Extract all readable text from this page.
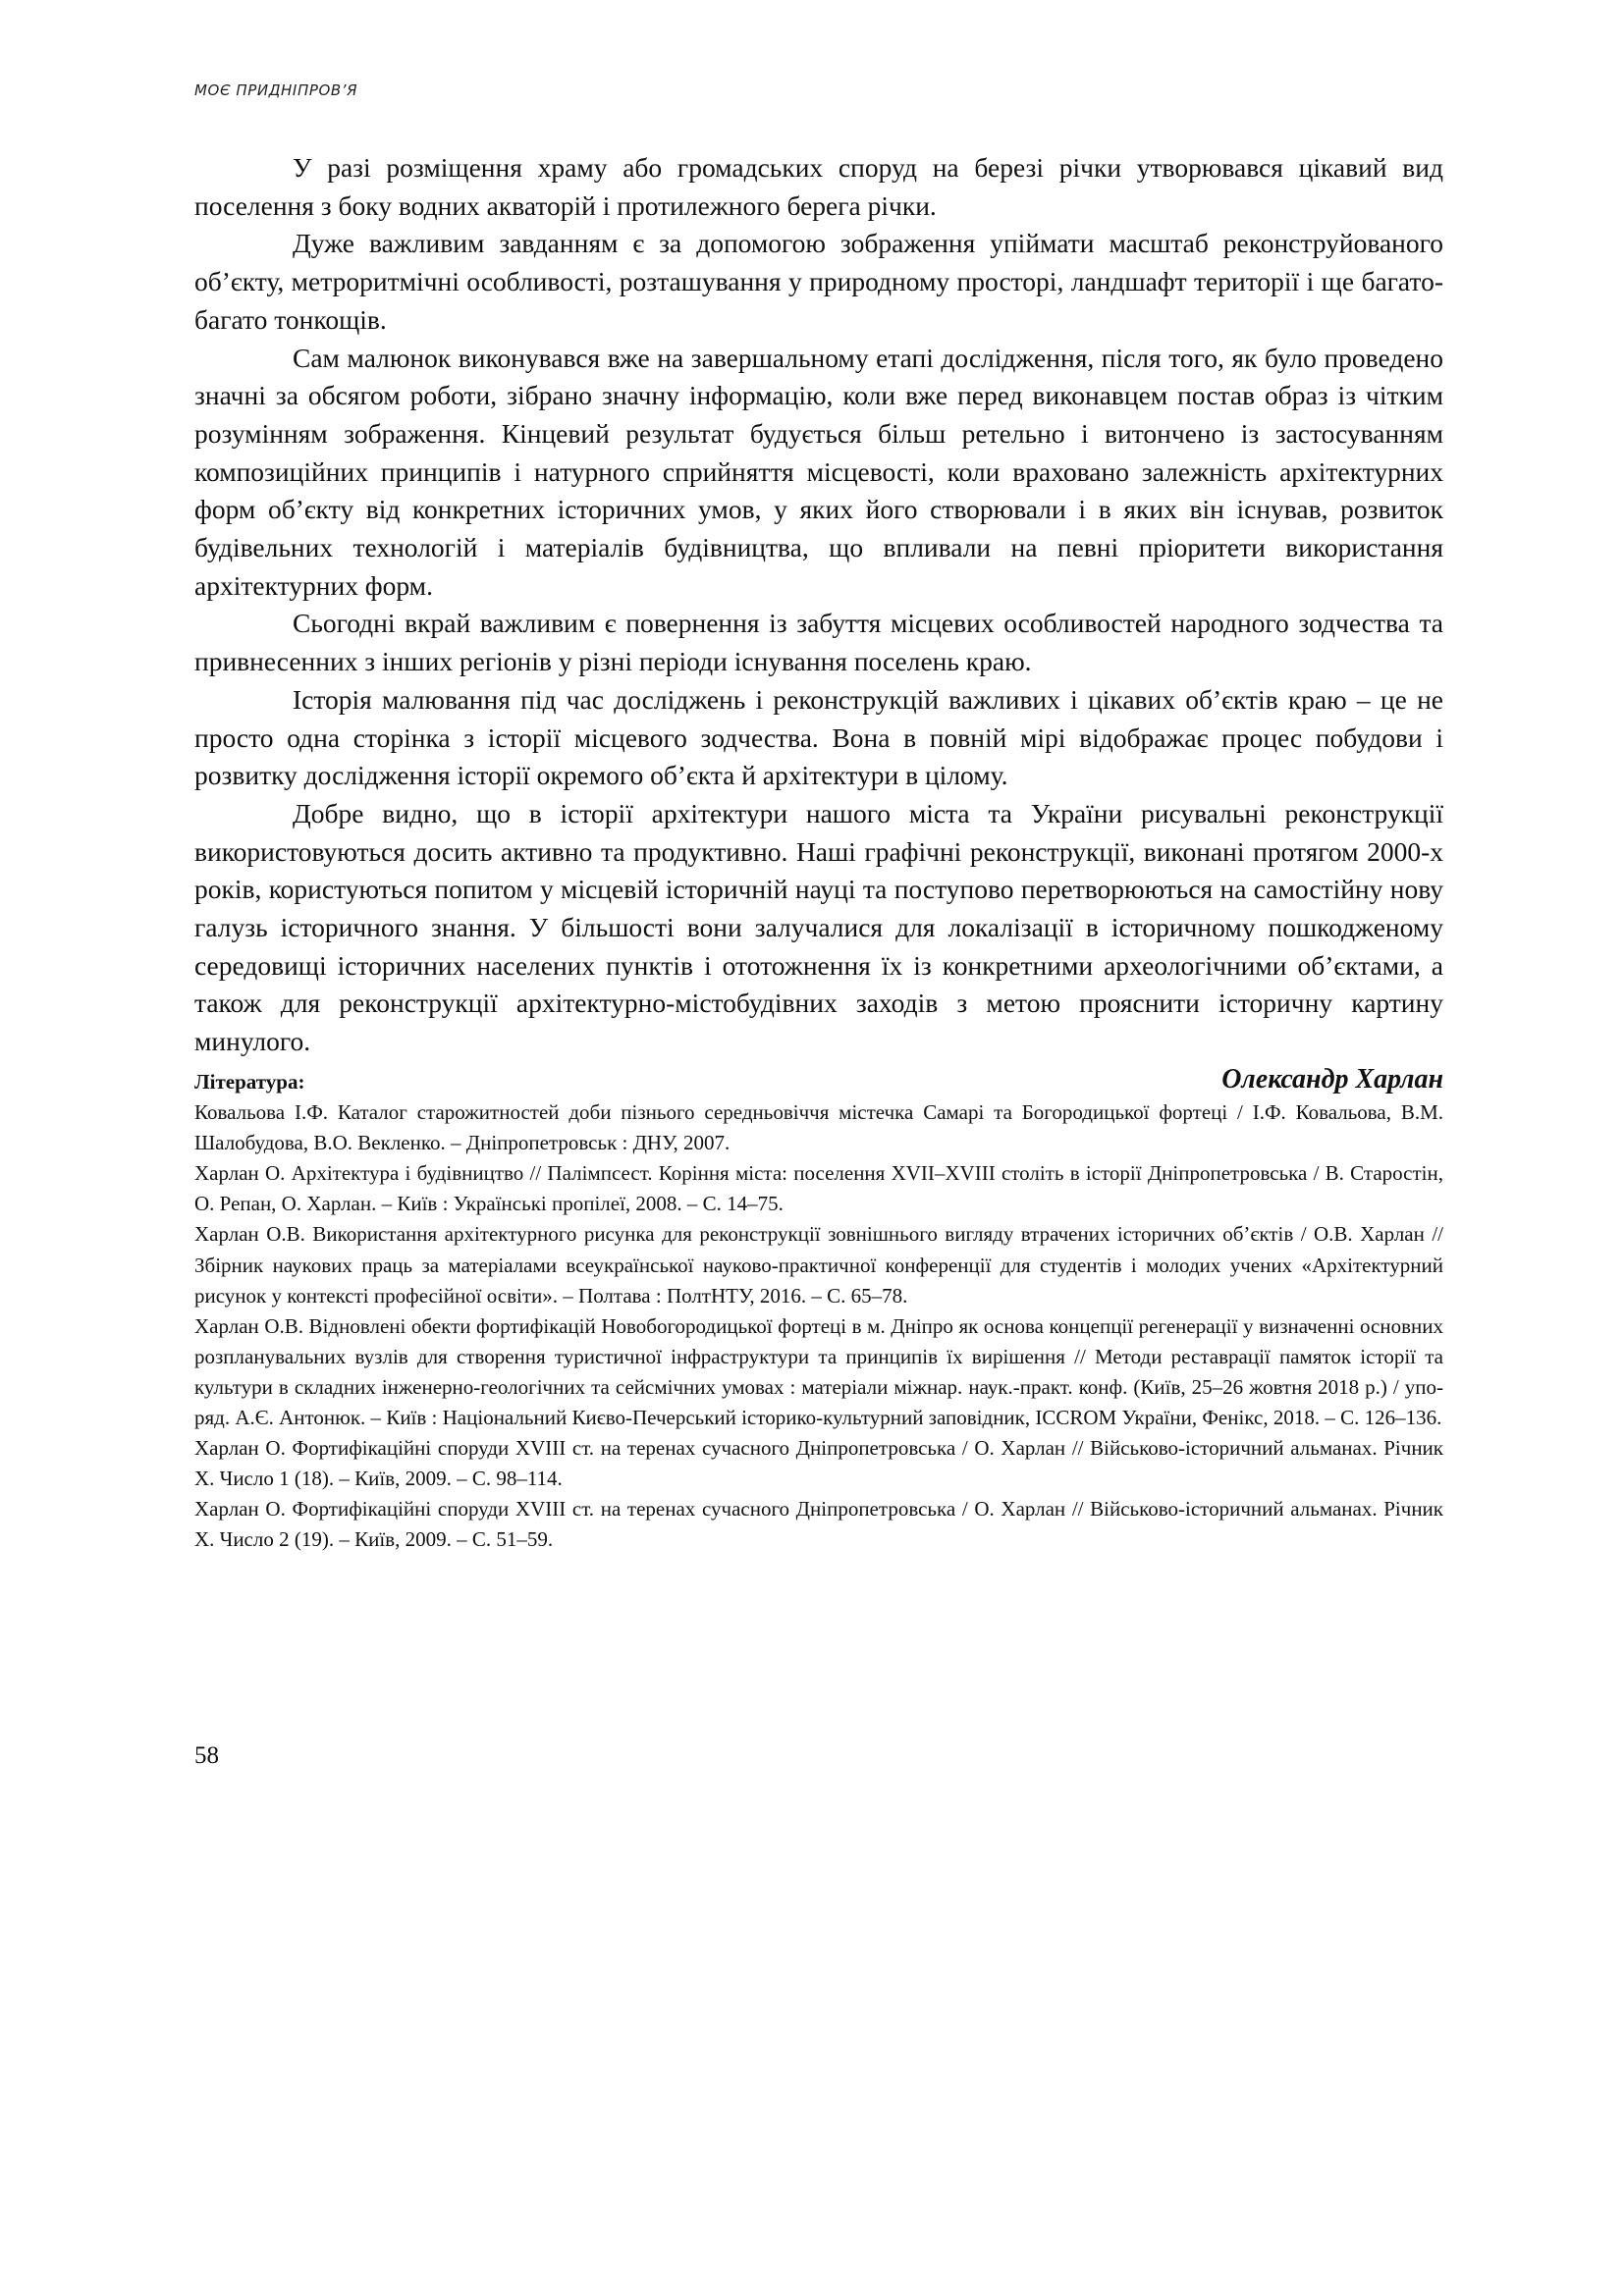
МОЄ ПРИДНІПРОВ’Я

У разі розміщення храму або громадських споруд на березі річки утворювався цікавий вид поселення з боку водних акваторій і протилежного берега річки.

Дуже важливим завданням є за допомогою зображення упіймати масштаб реконструйованого об’єкту, метроритмічні особливості, розташування у природному просторі, ландшафт території і ще багато-багато тонкощів.

Сам малюнок виконувався вже на завершальному етапі дослідження, після того, як було проведено значні за обсягом роботи, зібрано значну інформацію, коли вже перед виконавцем постав образ із чітким розумінням зображення. Кінцевий результат будується більш ретельно і витончено із застосуванням композиційних принципів і натурного сприйняття місцевості, коли враховано залежність архітектурних форм об’єкту від конкретних історичних умов, у яких його створювали і в яких він існував, розвиток будівельних технологій і матеріалів будівництва, що впливали на певні пріоритети використання архітектурних форм.

Сьогодні вкрай важливим є повернення із забуття місцевих особливостей народного зодчества та привнесенних з інших регіонів у різні періоди існування поселень краю.

Історія малювання під час досліджень і реконструкцій важливих і цікавих об’єктів краю – це не просто одна сторінка з історії місцевого зодчества. Вона в повній мірі відображає процес побудови і розвитку дослідження історії окремого об’єкта й архітектури в цілому.

Добре видно, що в історії архітектури нашого міста та України рисувальні реконструкції використовуються досить активно та продуктивно. Наші графічні реконструкції, виконані протягом 2000-х років, користуються попитом у місцевій історичній науці та поступово перетворюються на самостійну нову галузь історичного знання. У більшості вони залучалися для локалізації в історичному пошкодженому середовищі історичних населених пунктів і ототожнення їх із конкретними археологічними об’єктами, а також для реконструкції архітектурно-містобудівних заходів з метою прояснити історичну картину минулого.

Олександр Харлан

Література:

Ковальова І.Ф. Каталог старожитностей доби пізнього середньовіччя містечка Самарі та Богородицької фортеці / І.Ф. Ковальова, В.М. Шалобудова, В.О. Векленко. – Дніпропетровськ : ДНУ, 2007.

Харлан О. Архітектура і будівництво // Палімпсест. Коріння міста: поселення XVII–XVIII століть в історії Дніпропетровська / В. Старостін, О. Репан, О. Харлан. – Київ : Українські пропілеї, 2008. – С. 14–75.

Харлан О.В. Використання архітектурного рисунка для реконструкції зовнішнього вигляду втрачених історичних об’єктів / О.В. Харлан // Збірник наукових праць за матеріалами всеукраїнської науково-практичної конференції для студентів і молодих учених «Архітектурний рисунок у контексті професійної освіти». – Полтава : ПолтНТУ, 2016. – С. 65–78.

Харлан О.В. Відновлені обекти фортифікацій Новобогородицької фортеці в м. Дніпро як основа концепції регенерації у визначенні основних розпланувальних вузлів для створення туристичної інфраструктури та принципів їх вирішення // Методи реставрації памяток історії та культури в складних інженерно-геологічних та сейсмічних умовах : матеріали міжнар. наук.-практ. конф. (Київ, 25–26 жовтня 2018 р.) / упоряд. А.Є. Антонюк. – Київ : Національний Києво-Печерський історико-культурний заповідник, ICCROM України, Фенікс, 2018. – С. 126–136.

Харлан О. Фортифікаційні споруди XVIII ст. на теренах сучасного Дніпропетровська / О. Харлан // Військово-історичний альманах. Річник Х. Число 1 (18). – Київ, 2009. – С. 98–114.

Харлан О. Фортифікаційні споруди XVIII ст. на теренах сучасного Дніпропетровська / О. Харлан // Військово-історичний альманах. Річник Х. Число 2 (19). – Київ, 2009. – С. 51–59.

58
